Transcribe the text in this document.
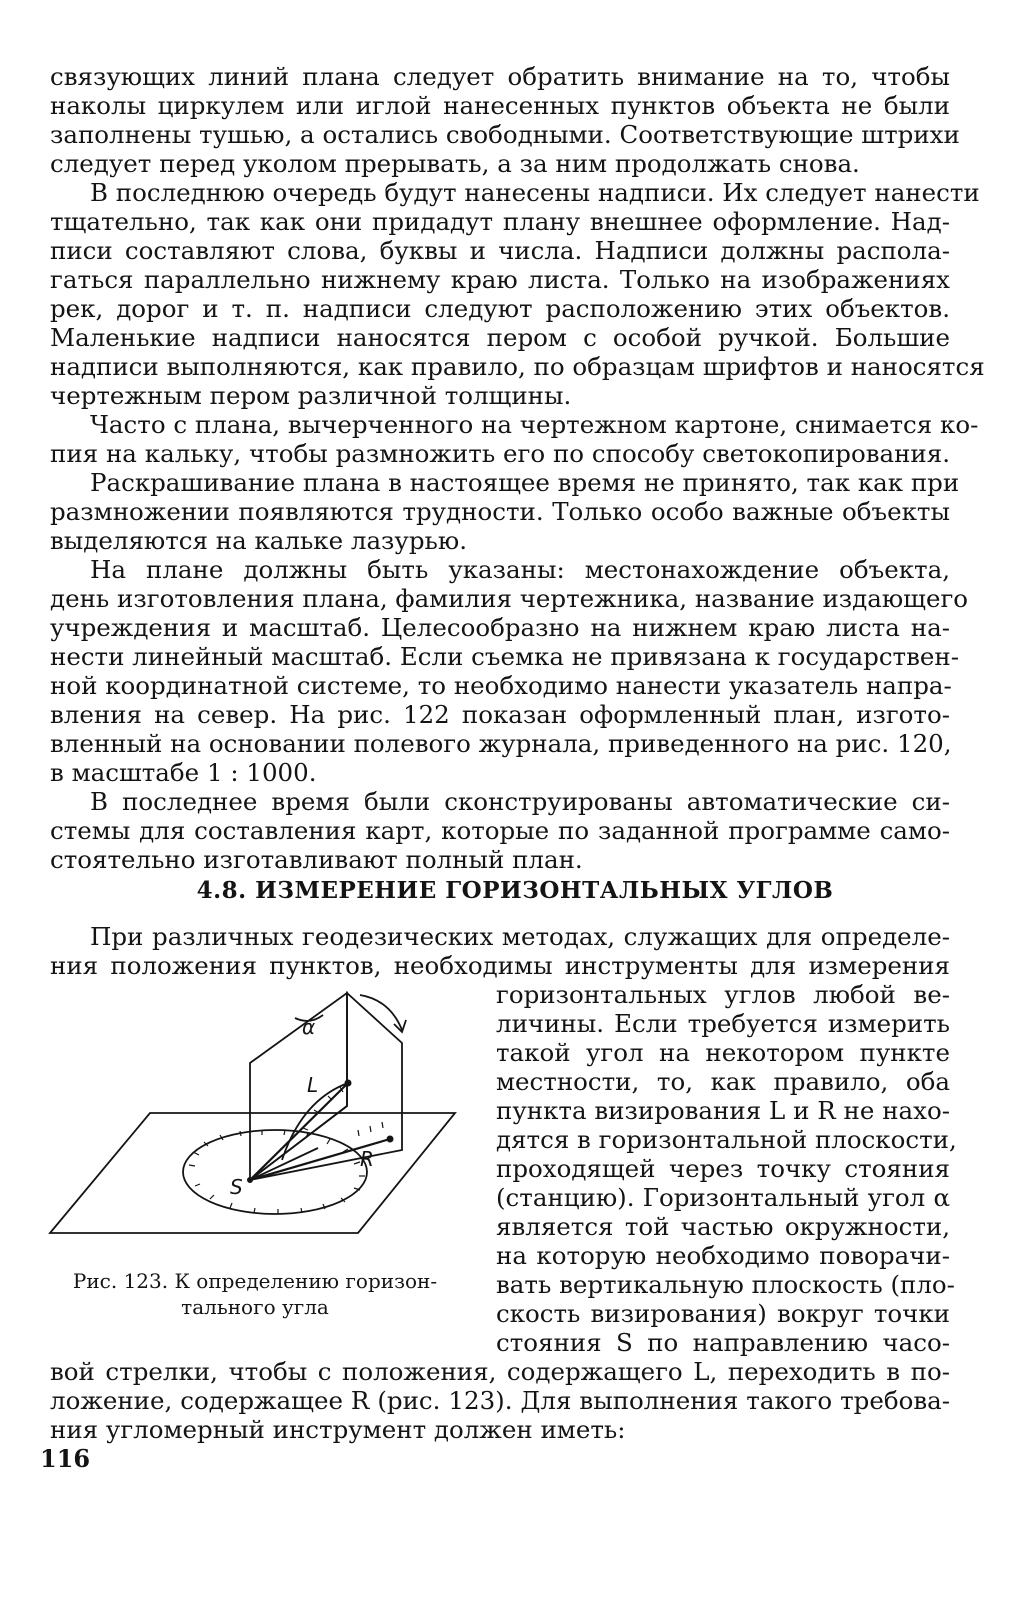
связующих линий плана следует обратить внимание на то, чтобы
наколы циркулем или иглой нанесенных пунктов объекта не были
заполнены тушью, а остались свободными. Соответствующие штрихи
следует перед уколом прерывать, а за ним продолжать снова.
В последнюю очередь будут нанесены надписи. Их следует нанести
тщательно, так как они придадут плану внешнее оформление. Над-
писи составляют слова, буквы и числа. Надписи должны распола-
гаться параллельно нижнему краю листа. Только на изображениях
рек, дорог и т. п. надписи следуют расположению этих объектов.
Маленькие надписи наносятся пером с особой ручкой. Большие
надписи выполняются, как правило, по образцам шрифтов и наносятся
чертежным пером различной толщины.
Часто с плана, вычерченного на чертежном картоне, снимается ко-
пия на кальку, чтобы размножить его по способу светокопирования.
Раскрашивание плана в настоящее время не принято, так как при
размножении появляются трудности. Только особо важные объекты
выделяются на кальке лазурью.
На плане должны быть указаны: местонахождение объекта,
день изготовления плана, фамилия чертежника, название издающего
учреждения и масштаб. Целесообразно на нижнем краю листа на-
нести линейный масштаб. Если съемка не привязана к государствен-
ной координатной системе, то необходимо нанести указатель напра-
вления на север. На рис. 122 показан оформленный план, изгото-
вленный на основании полевого журнала, приведенного на рис. 120,
в масштабе 1 : 1000.
В последнее время были сконструированы автоматические си-
стемы для составления карт, которые по заданной программе само-
стоятельно изготавливают полный план.
4.8. ИЗМЕРЕНИЕ ГОРИЗОНТАЛЬНЫХ УГЛОВ
При различных геодезических методах, служащих для определе-
ния положения пунктов, необходимы инструменты для измерения
горизонтальных углов любой ве-
личины. Если требуется измерить
такой угол на некотором пункте
местности, то, как правило, оба
пункта визирования L и R не нахо-
дятся в горизонтальной плоскости,
проходящей через точку стояния
(станцию). Горизонтальный угол α
является той частью окружности,
на которую необходимо поворачи-
вать вертикальную плоскость (пло-
скость визирования) вокруг точки
стояния S по направлению часо-
вой стрелки, чтобы с положения, содержащего L, переходить в по-
ложение, содержащее R (рис. 123). Для выполнения такого требова-
ния угломерный инструмент должен иметь:
α
L
R
S
Рис. 123. К определению горизон-
тального угла
116
